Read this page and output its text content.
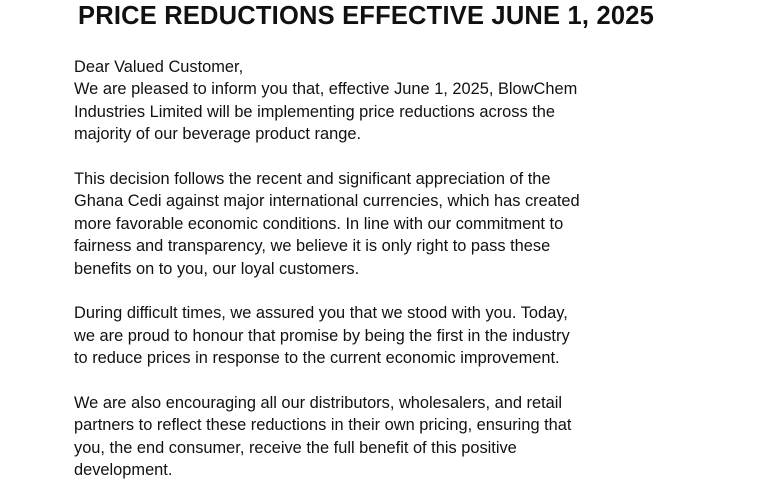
PRICE REDUCTIONS EFFECTIVE JUNE 1, 2025

Dear Valued Customer,

We are pleased to inform you that, effective June 1, 2025, BlowChem
Industries Limited will be implementing price reductions across the
majority of our beverage product range.

This decision follows the recent and significant appreciation of the
Ghana Cedi against major international currencies, which has created
more favorable economic conditions. In line with our commitment to
fairness and transparency, we believe it is only right to pass these
benefits on to you, our loyal customers.

During difficult times, we assured you that we stood with you. Today,
we are proud to honour that promise by being the first in the industry
to reduce prices in response to the current economic improvement.

We are also encouraging all our distributors, wholesalers, and retail
partners to reflect these reductions in their own pricing, ensuring that
you, the end consumer, receive the full benefit of this positive
development.
